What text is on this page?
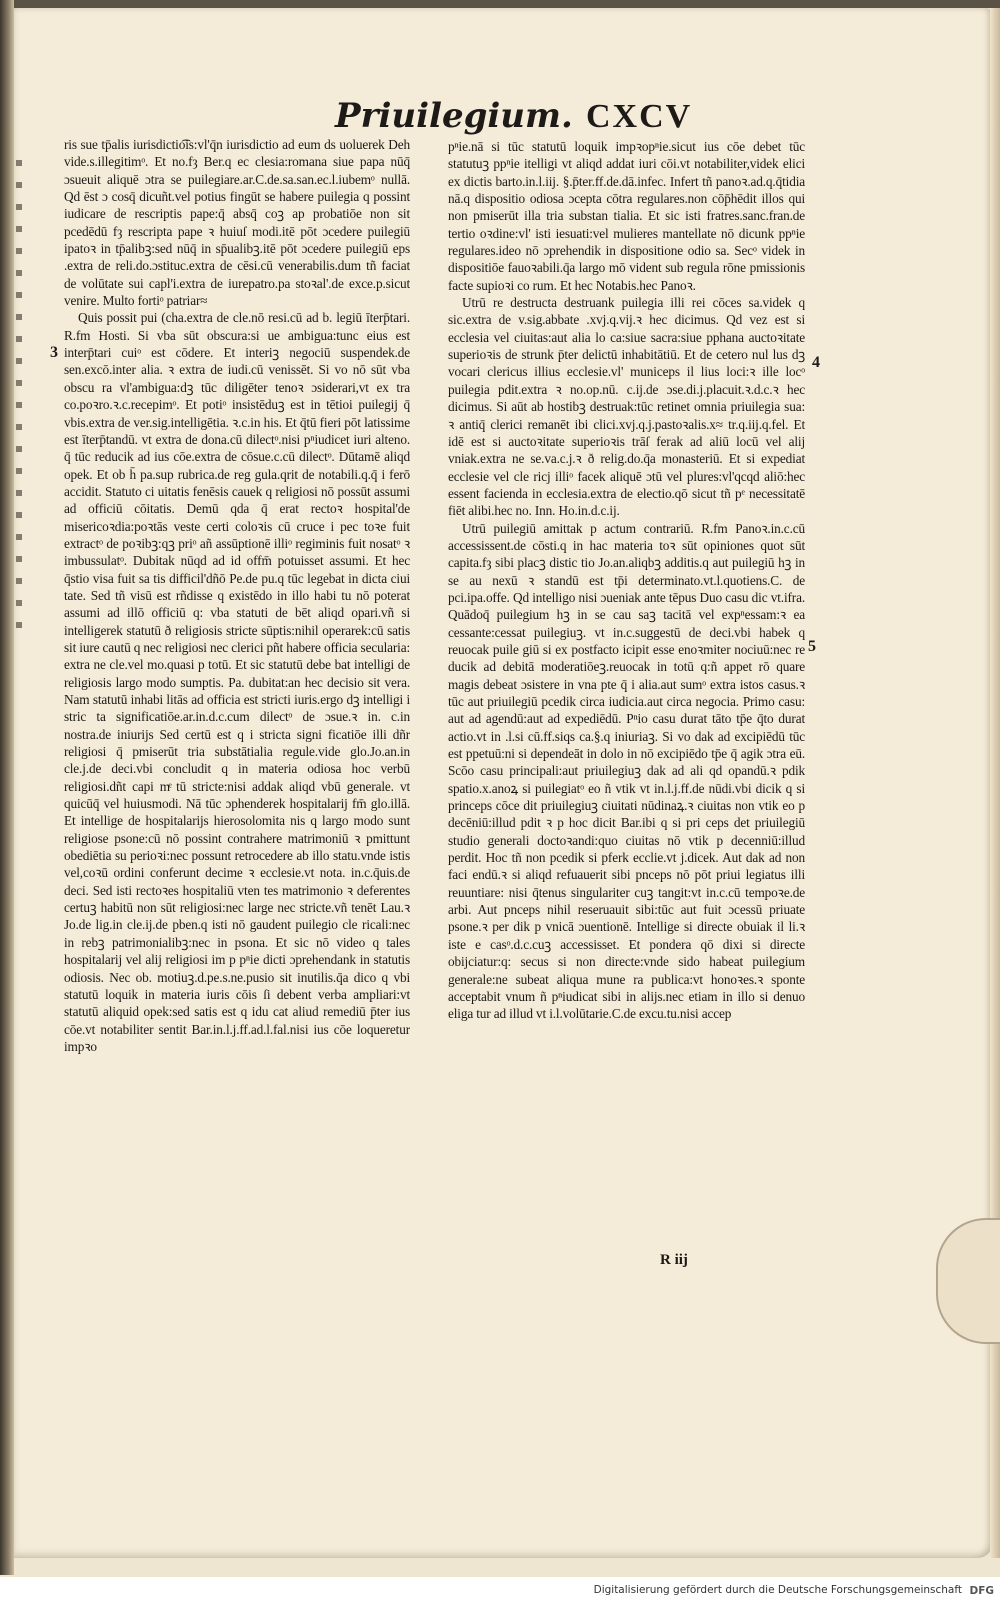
Priuilegium. CXCV

ris sue tp̄alis iurisdictio͡is:vl'q̄n iurisdictio ad eum ds uoluerek Deh vide.s.illegitimᵒ. Et no.fȝ Ber.q ec clesia:romana siue papa nūq̄ ɔsueuit aliquē ɔtra se puilegiare.ar.C.de.sa.san.ec.l.iubemᵒ nullā. Qd ēst ɔ cosq̄ dicuñt.vel potius fingūt se habere puilegia q possint iudicare de rescriptis pape:q̄ absq̄ coꝫ ap probatiōe non sit pcedēdū fȝ rescripta pape ꝛ huiuſ modi.itē pōt ɔcedere puilegiū ipatoꝛ in tp̄alibꝫ:sed nūq̄ in sp̄ualibꝫ.itē pōt ɔcedere puilegiū eps .extra de reli.do.ɔstituc.extra de cēsi.cū venerabilis.dum tñ faciat de volūtate sui capl'i.extra de iurepatro.pa stoꝛal'.de exce.p.sicut venire. Multo fortiᵒ patriar≈

Quis possit pui (cha.extra de cle.nō resi.cū ad b. legiū īterp̄tari. R.fm Hosti. Si vba sūt obscura:si ue ambigua:tunc eius est interp̄tari cuiᵒ est cōdere. Et interiꝫ negociū suspendek.de sen.excō.inter alia. ꝛ extra de iudi.cū venissēt. Si vo nō sūt vba obscu ra vl'ambigua:dꝫ tūc diligēter tenoꝛ ɔsiderari,vt ex tra co.poꝛro.ꝛ.c.recepimᵒ. Et potiᵒ insistēduꝫ est in tētioi puilegij q̄ vbis.extra de ver.sig.intelligētia. ꝛ.c.in his. Et q̄tū fieri pōt latissime est īterp̄tandū. vt extra de dona.cū dilectᵒ.nisi pⁿiudicet iuri alteno. q̄ tūc reducik ad ius cōe.extra de cōsue.c.cū dilectᵒ. Dūtamē aliqd opek. Et ob h̄ pa.sup rubrica.de reg gula.qrit de notabili.q.q̄ i ferō accidit. Statuto ci uitatis fenēsis cauek q religiosi nō possūt assumi ad officiū cōitatis. Demū qda q̄ erat rectoꝛ hospital'de misericoꝛdia:poꝛtās veste certi coloꝛis cū cruce i pec toꝛe fuit extractᵒ de poꝛibꝫ:qꝫ priᵒ añ assūptionē illiᵒ regiminis fuit nosatᵒ ꝛ imbussulatᵒ. Dubitak nūqd ad id offm̄ potuisset assumi. Et hec q̄stio visa fuit sa tis difficil'dñō Pe.de pu.q tūc legebat in dicta ciui tate. Sed tñ visū est rñdisse q existēdo in illo habi tu nō poterat assumi ad illō officiū q: vba statuti de bēt aliqd opari.vñ si intelligerek statutū ð religiosis stricte sūptis:nihil operarek:cū satis sit iure cautū q nec religiosi nec clerici pñt habere officia secularia: extra ne cle.vel mo.quasi p totū. Et sic statutū debe bat intelligi de religiosis largo modo sumptis. Pa. dubitat:an hec decisio sit vera. Nam statutū inhabi litās ad officia est stricti iuris.ergo dꝫ intelligi i stric ta significatiōe.ar.in.d.c.cum dilectᵒ de ɔsue.ꝛ in. c.in nostra.de iniurijs Sed certū est q i stricta signi ficatiōe illi dñr religiosi q̄ pmiserūt tria substātialia regule.vide glo.Jo.an.in cle.j.de deci.vbi concludit q in materia odiosa hoc verbū religiosi.dñt capi mͤ tū stricte:nisi addak aliqd vbū generale. vt quicūq̄ vel huiusmodi. Nā tūc ɔphenderek hospitalarij fm̄ glo.illā. Et intellige de hospitalarijs hierosolomita nis q largo modo sunt religiose psone:cū nō possint contrahere matrimoniū ꝛ pmittunt obediētia su perioꝛi:nec possunt retrocedere ab illo statu.vnde istis vel,coꝛū ordini conferunt decime ꝛ ecclesie.vt nota. in.c.q̄uis.de deci. Sed isti rectoꝛes hospitaliū vten tes matrimonio ꝛ deferentes certuꝫ habitū non sūt religiosi:nec large nec stricte.vñ tenēt Lau.ꝛ Jo.de lig.in cle.ij.de pben.q isti nō gaudent puilegio cle ricali:nec in rebꝫ patrimonialibꝫ:nec in psona. Et sic nō video q tales hospitalarij vel alij religiosi im p pⁿie dicti ɔprehendank in statutis odiosis. Nec ob. motiuꝫ.d.pe.s.ne.pusio sit inutilis.q̄a dico q vbi statutū loquik in materia iuris cōis ſi debent verba ampliari:vt statutū aliquid opek:sed satis est q idu cat aliud remediū p̄ter ius cōe.vt notabiliter sentit Bar.in.l.j.ff.ad.l.fal.nisi ius cōe loqueretur impꝛo

pⁿie.nā si tūc statutū loquik impꝛopⁿie.sicut ius cōe debet tūc statutuꝫ ppⁿie itelligi vt aliqd addat iuri cōi.vt notabiliter,videk elici ex dictis barto.in.l.iij. §.p̄ter.ff.de.dā.infec. Infert tñ panoꝛ.ad.q.q̄tidia nā.q dispositio odiosa ɔcepta cōtra regulares.non cōp̄hēdit illos qui non pmiserūt illa tria substan tialia. Et sic isti fratres.sanc.fran.de tertio oꝛdine:vl' isti iesuati:vel mulieres mantellate nō dicunk ppⁿie regulares.ideo nō ɔprehendik in dispositione odio sa. Secᵒ videk in dispositiōe fauoꝛabili.q̄a largo mō vident sub regula rōne pmissionis facte supioꝛi co rum. Et hec Notabis.hec Panoꝛ.

Utrū re destructa destruank puilegia illi rei cōces sa.videk q sic.extra de v.sig.abbate .xvj.q.vij.ꝛ hec dicimus. Qd vez est si ecclesia vel ciuitas:aut alia lo ca:siue sacra:siue pphana auctoꝛitate superioꝛis de strunk p̄ter delictū inhabitātiū. Et de cetero nul lus dꝫ vocari clericus illius ecclesie.vl' municeps il lius loci:ꝛ ille locᵒ puilegia pdit.extra ꝛ no.op.nū. c.ij.de ɔse.di.j.placuit.ꝛ.d.c.ꝛ hec dicimus. Si aūt ab hostibꝫ destruak:tūc retinet omnia priuilegia sua: ꝛ antiq̄ clerici remanēt ibi clici.xvj.q.j.pastoꝛalis.x≈ tr.q.iij.q.fel. Et idē est si auctoꝛitate superioꝛis trāſ ferak ad aliū locū vel alij vniak.extra ne se.va.c.j.ꝛ ð relig.do.q̄a monasteriū. Et si expediat ecclesie vel cle ricj illiᵒ facek aliquē ɔtū vel plures:vl'qcqd aliō:hec essent facienda in ecclesia.extra de electio.qō sicut tñ pᵉ necessitatē fiēt alibi.hec no. Inn. Ho.in.d.c.ij.

Utrū puilegiū amittak p actum contrariū. R.fm Panoꝛ.in.c.cū accessissent.de cōsti.q in hac materia toꝛ sūt opiniones quot sūt capita.fȝ sibi placꝫ distic tio Jo.an.aliqbꝫ additis.q aut puilegiū hꝫ in se au nexū ꝛ standū est tp̄i determinato.vt.l.quotiens.C. de pci.ipa.offe. Qd intelligo nisi ɔueniak ante tēpus Duo casu dic vt.ifra. Quādoq̄ puilegium hꝫ in se cau saꝫ tacitā vel expⁿessam:ꝛ ea cessante:cessat puilegiuꝫ. vt in.c.suggestū de deci.vbi habek q reuocak puile giū si ex postfacto icipit esse enoꝛmiter nociuū:nec re ducik ad debitā moderatiōeꝫ.reuocak in totū q:ñ appet rō quare magis debeat ɔsistere in vna pte q̄ i alia.aut sumᵒ extra istos casus.ꝛ tūc aut priuilegiū pcedik circa iudicia.aut circa negocia. Primo casu: aut ad agendū:aut ad expediēdū. Pⁿio casu durat tāto tp̄e q̄to durat actio.vt in .l.si cū.ff.siqs ca.§.q iniuriaꝫ. Si vo dak ad excipiēdū tūc est ppetuū:ni si dependeāt in dolo in nō excipiēdo tp̄e q̄ agik ɔtra eū. Scōo casu principali:aut priuilegiuꝫ dak ad ali qd opandū.ꝛ pdik spatio.x.anoꝝ si puilegiatᵒ eo ñ vtik vt in.l.j.ff.de nūdi.vbi dicik q si princeps cōce dit priuilegiuꝫ ciuitati nūdinaꝝ.ꝛ ciuitas non vtik eo p decēniū:illud pdit ꝛ p hoc dicit Bar.ibi q si pri ceps det priuilegiū studio generali doctoꝛandi:quo ciuitas nō vtik p decenniū:illud perdit. Hoc tñ non pcedik si pferk ecclie.vt j.dicek. Aut dak ad non faci endū.ꝛ si aliqd refuauerit sibi pnceps nō pōt priui legiatus illi reuuntiare: nisi q̄tenus singulariter cuꝫ tangit:vt in.c.cū tempoꝛe.de arbi. Aut pnceps nihil reseruauit sibi:tūc aut fuit ɔcessū priuate psone.ꝛ per dik p vnicā ɔuentionē. Intellige si directe obuiak il li.ꝛ iste e casᵒ.d.c.cuꝫ accessisset. Et pondera qō dixi si directe obijciatur:q: secus si non directe:vnde sido habeat puilegium generale:ne subeat aliqua mune ra publica:vt honoꝛes.ꝛ sponte acceptabit vnum ñ pⁿiudicat sibi in alijs.nec etiam in illo si denuo eliga tur ad illud vt i.l.volūtarie.C.de excu.tu.nisi accep

3
4
5
R iij
Digitalisierung gefördert durch die Deutsche Forschungsgemeinschaft DFG
